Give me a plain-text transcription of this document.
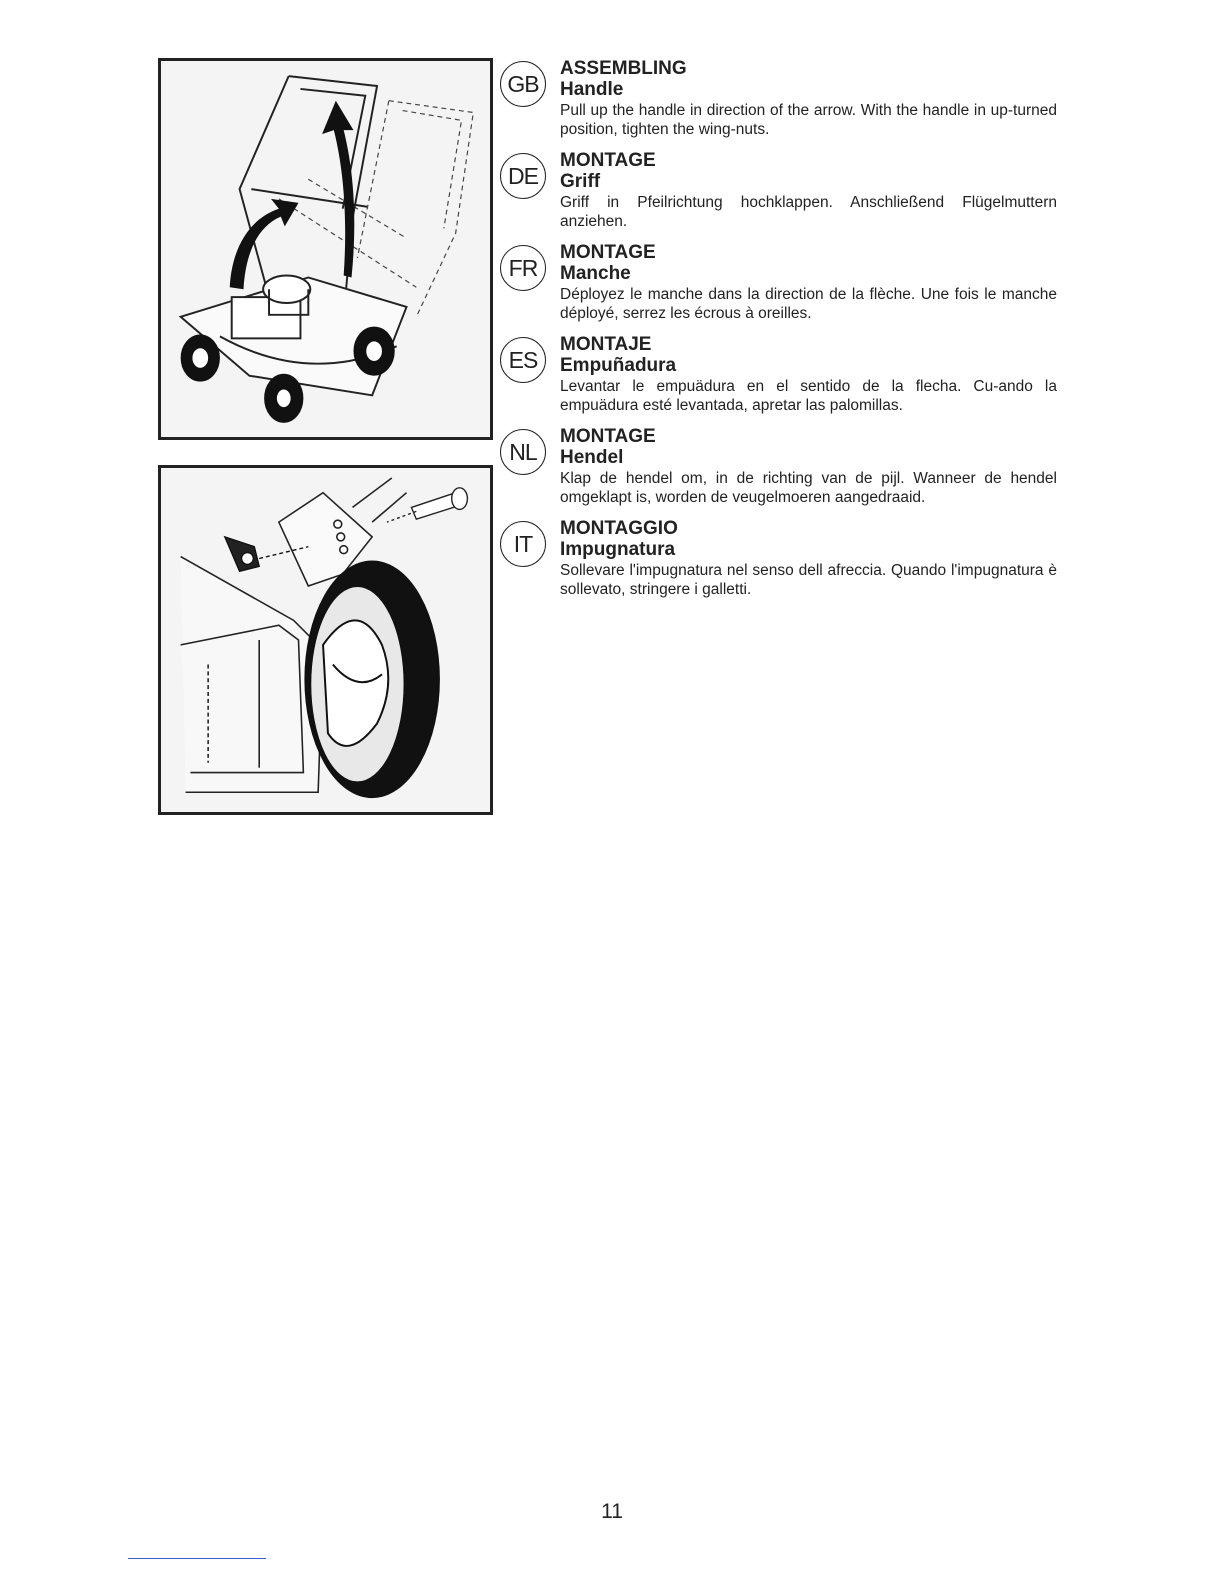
GB
ASSEMBLING
Handle
Pull up the handle in direction of the arrow. With the handle in up-turned position, tighten the wing-nuts.
DE
MONTAGE
Griff
Griff in Pfeilrichtung hochklappen. Anschließend Flügelmuttern anziehen.
FR
MONTAGE
Manche
Déployez le manche dans la direction de la flèche. Une fois le manche déployé, serrez les écrous à oreilles.
ES
MONTAJE
Empuñadura
Levantar le empuädura en el sentido de la flecha. Cu-ando la empuädura esté levantada, apretar las palomillas.
NL
MONTAGE
Hendel
Klap de hendel om, in de richting van de pijl. Wanneer de hendel omgeklapt is, worden de veugelmoeren aangedraaid.
IT
MONTAGGIO
Impugnatura
Sollevare l'impugnatura nel senso dell afreccia. Quando l'impugnatura è sollevato, stringere i galletti.
11
